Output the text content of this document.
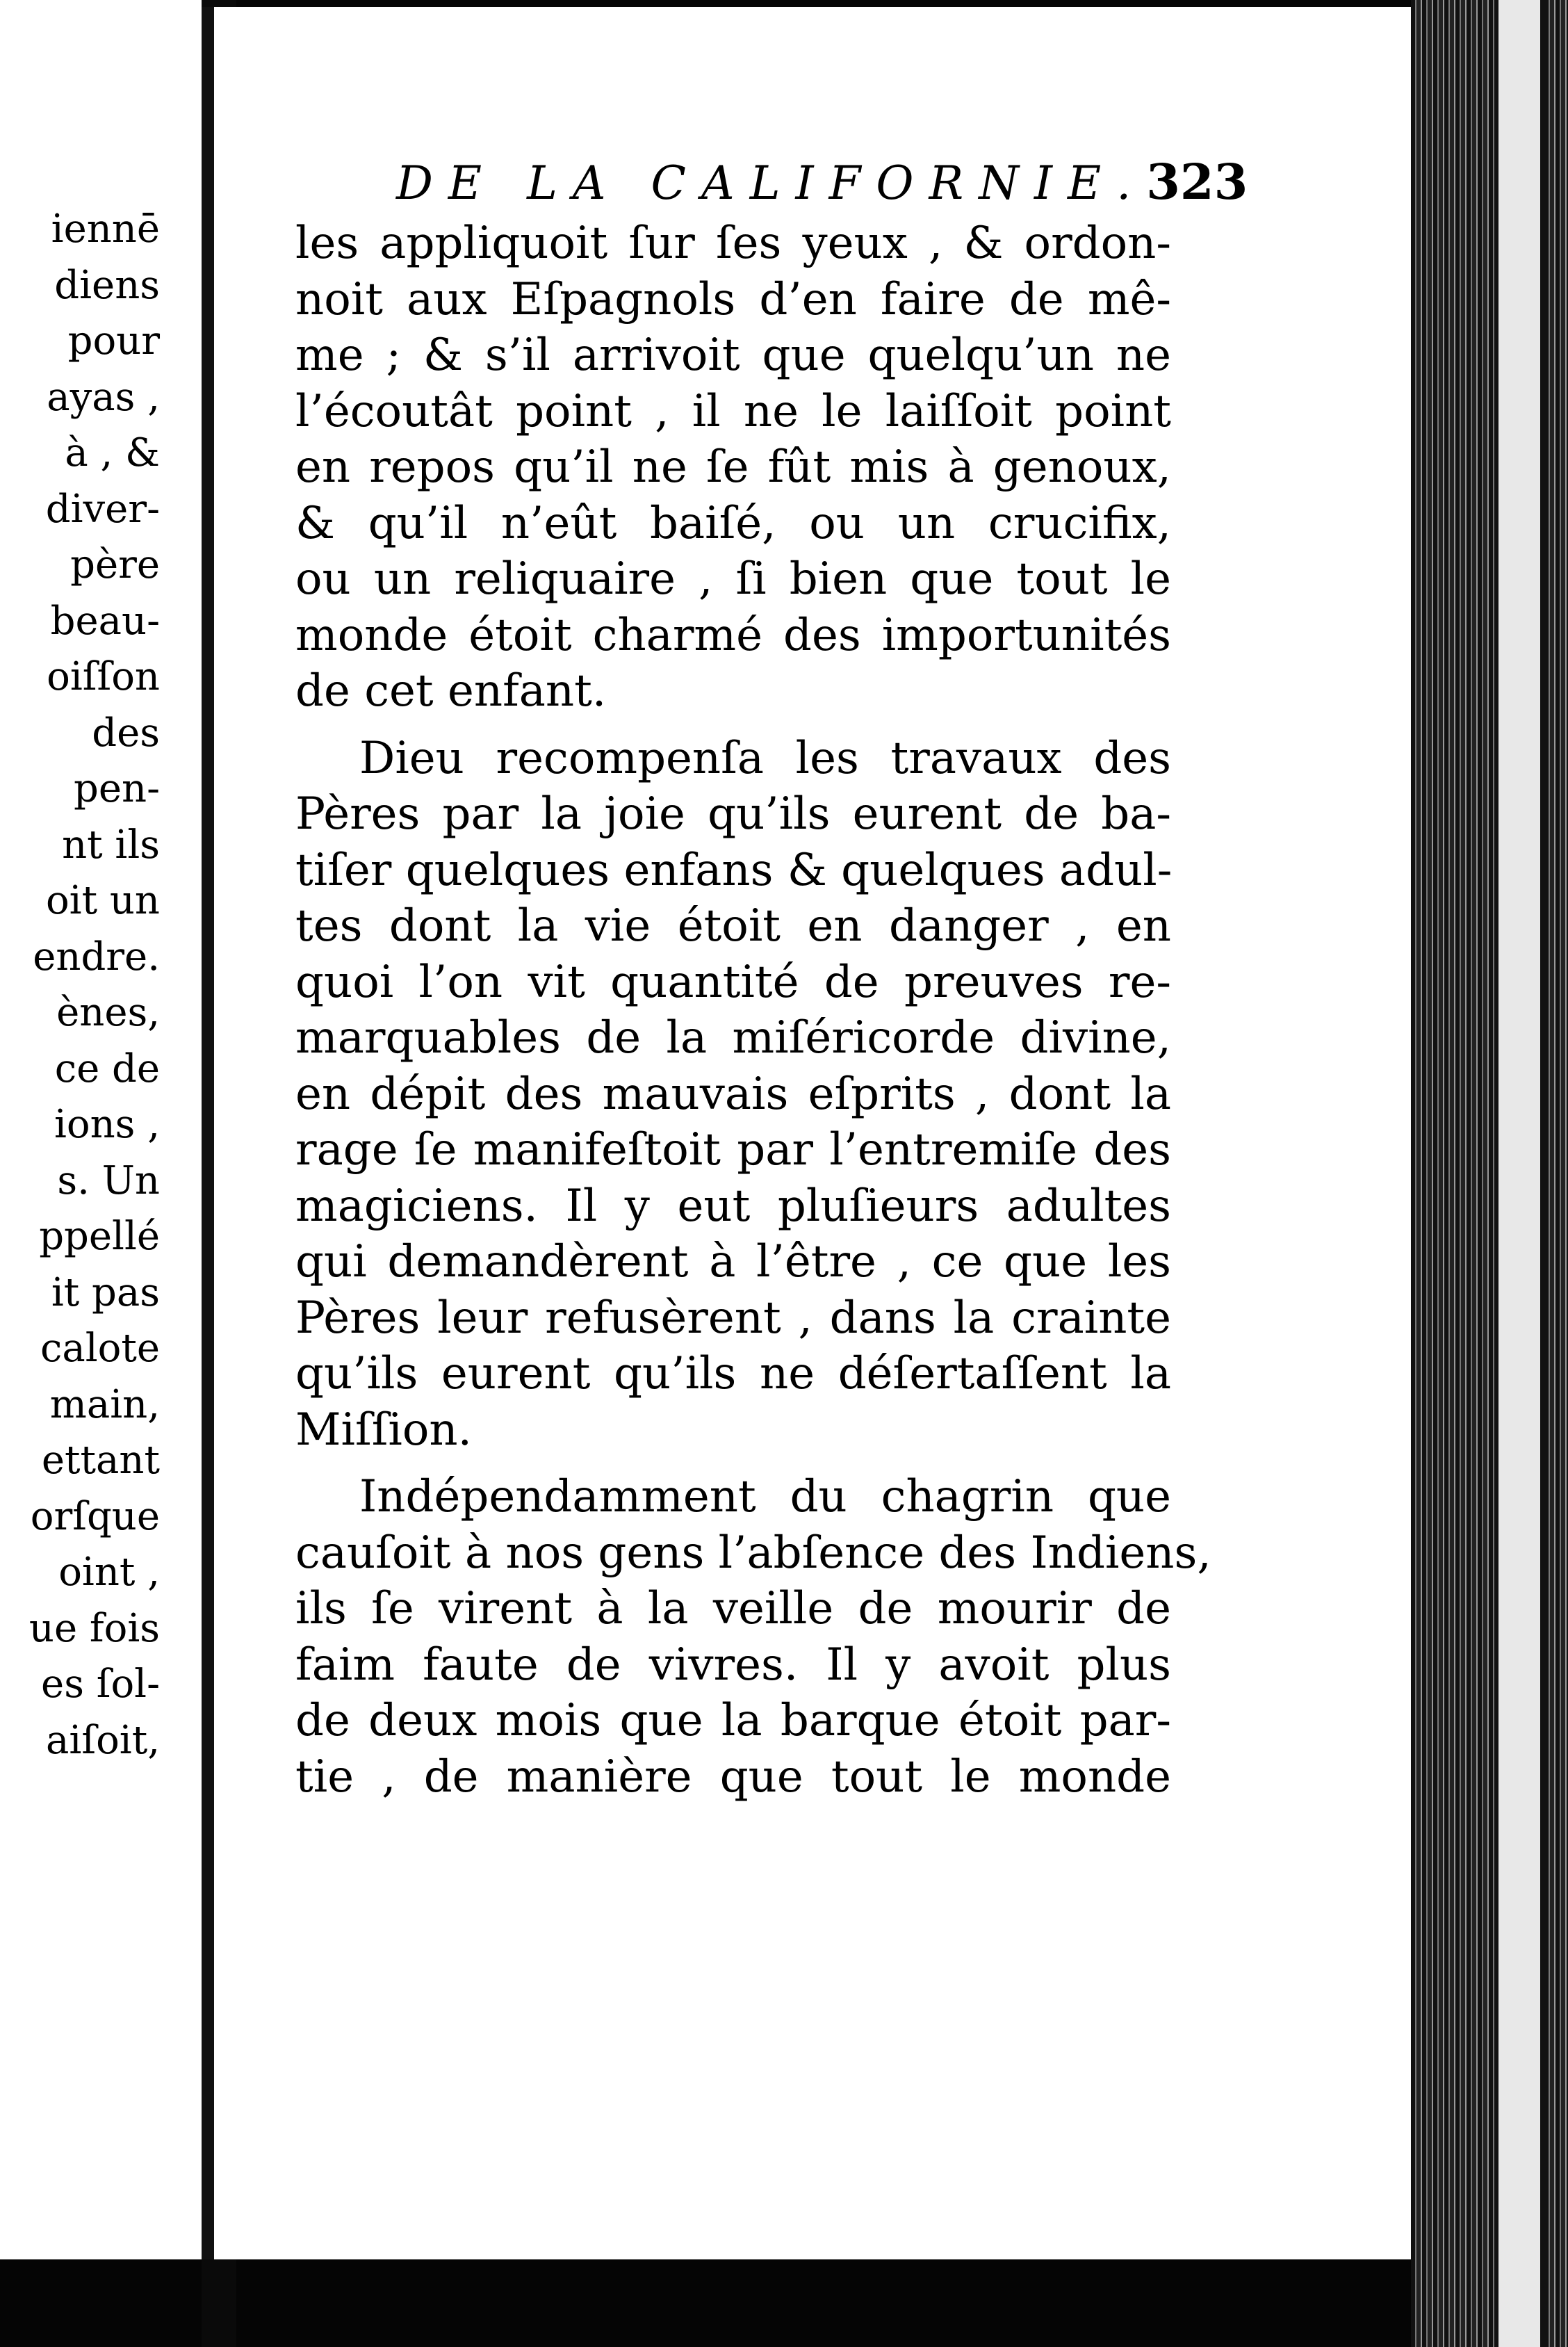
iennē
diens
pour
ayas ,
à , &
diver-
père
beau-
oiſſon
des
pen-
nt ils
oit un
endre.
ènes,
ce de
ions ,
s. Un
ppellé
it pas
calote
main,
ettant
orſque
oint ,
ue fois
es ſol-
aiſoit,
DE LA CALIFORNIE. 323
les appliquoit ſur ſes yeux , & ordon-
noit aux Eſpagnols d’en faire de mê-
me ; & s’il arrivoit que quelqu’un ne
l’écoutât point , il ne le laiſſoit point
en repos qu’il ne ſe fût mis à genoux,
& qu’il n’eût baiſé, ou un crucifix,
ou un reliquaire , ſi bien que tout le
monde étoit charmé des importunités
de cet enfant.
Dieu recompenſa les travaux des
Pères par la joie qu’ils eurent de ba-
tiſer quelques enfans & quelques adul-
tes dont la vie étoit en danger , en
quoi l’on vit quantité de preuves re-
marquables de la miſéricorde divine,
en dépit des mauvais eſprits , dont la
rage ſe manifeſtoit par l’entremiſe des
magiciens. Il y eut pluſieurs adultes
qui demandèrent à l’être , ce que les
Pères leur refusèrent , dans la crainte
qu’ils eurent qu’ils ne déſertaſſent la
Miſſion.
Indépendamment du chagrin que
cauſoit à nos gens l’abſence des Indiens,
ils ſe virent à la veille de mourir de
faim faute de vivres. Il y avoit plus
de deux mois que la barque étoit par-
tie , de manière que tout le monde
